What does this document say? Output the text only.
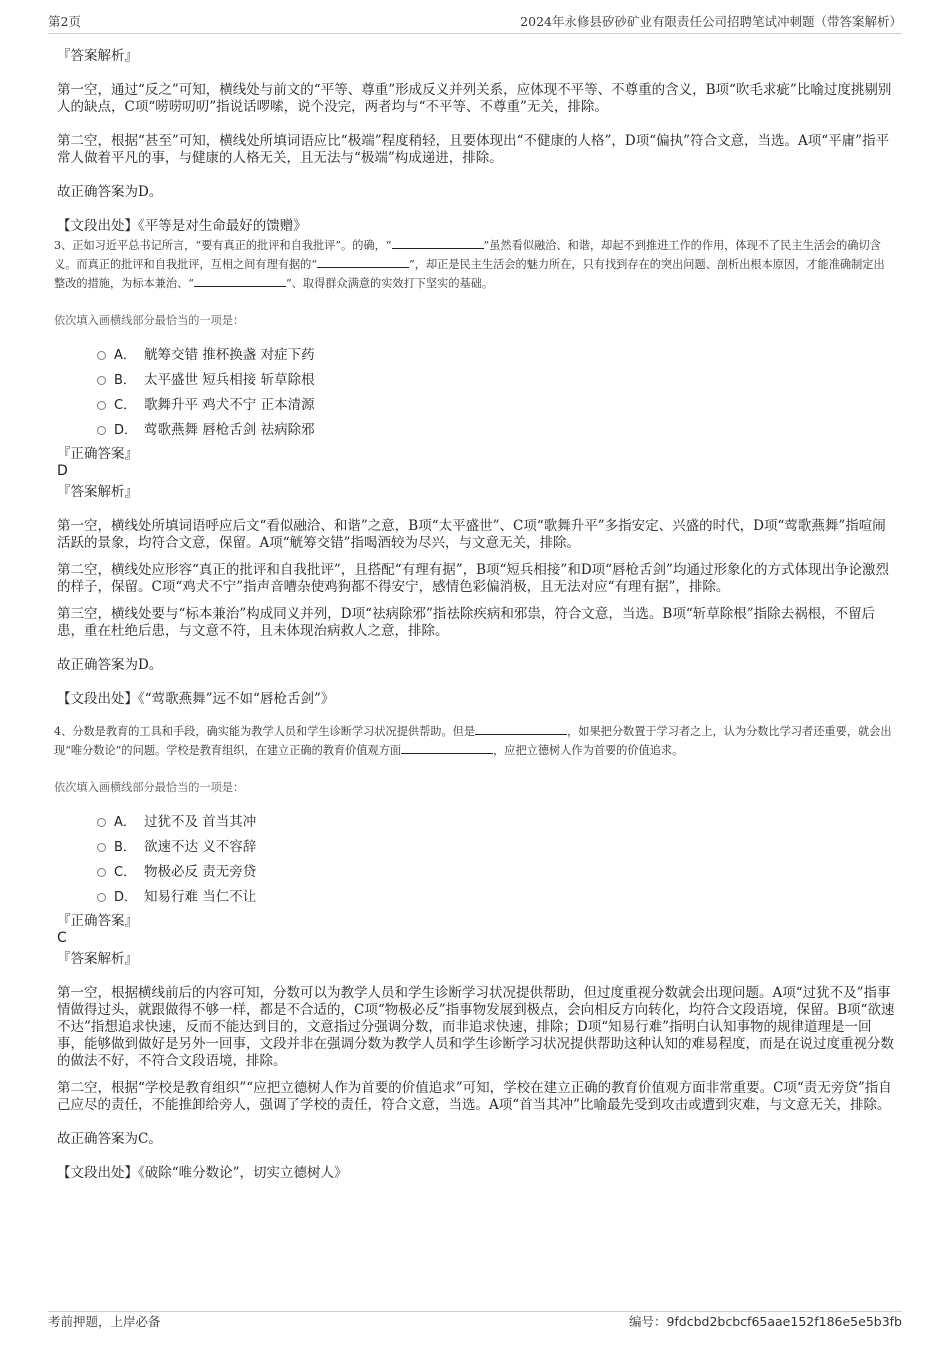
第2页	2024年永修县矽砂矿业有限责任公司招聘笔试冲刺题（带答案解析）

『答案解析』

第一空，通过“反之”可知，横线处与前文的“平等、尊重”形成反义并列关系，应体现不平等、不尊重的含义，B项“吹毛求疵”比喻过度挑剔别人的缺点，C项“唠唠叨叨”指说话啰嗦，说个没完，两者均与“不平等、不尊重”无关，排除。

第二空，根据“甚至”可知，横线处所填词语应比“极端”程度稍轻，且要体现出“不健康的人格”，D项“偏执”符合文意，当选。A项“平庸”指平常人做着平凡的事，与健康的人格无关，且无法与“极端”构成递进，排除。

故正确答案为D。

【文段出处】《平等是对生命最好的馈赠》

3、正如习近平总书记所言，“要有真正的批评和自我批评”。的确，“	”虽然看似融洽、和谐，却起不到推进工作的作用，体现不了民主生活会的确切含义。而真正的批评和自我批评，互相之间有理有据的“	”，却正是民主生活会的魅力所在，只有找到存在的突出问题、剖析出根本原因，才能准确制定出整改的措施，为标本兼治、“	”、取得群众满意的实效打下坚实的基础。

依次填入画横线部分最恰当的一项是：

A． 觥筹交错 推杯换盏 对症下药
B． 太平盛世 短兵相接 斩草除根
C． 歌舞升平 鸡犬不宁 正本清源
D． 莺歌燕舞 唇枪舌剑 祛病除邪

『正确答案』

D

『答案解析』

第一空，横线处所填词语呼应后文“看似融洽、和谐”之意，B项“太平盛世”、C项“歌舞升平”多指安定、兴盛的时代，D项“莺歌燕舞”指喧闹活跃的景象，均符合文意，保留。A项“觥筹交错”指喝酒较为尽兴，与文意无关，排除。

第二空，横线处应形容“真正的批评和自我批评”，且搭配“有理有据”，B项“短兵相接”和D项“唇枪舌剑”均通过形象化的方式体现出争论激烈的样子，保留。C项“鸡犬不宁”指声音嘈杂使鸡狗都不得安宁，感情色彩偏消极，且无法对应“有理有据”，排除。

第三空，横线处要与“标本兼治”构成同义并列，D项“祛病除邪”指祛除疾病和邪祟，符合文意，当选。B项“斩草除根”指除去祸根，不留后患，重在杜绝后患，与文意不符，且未体现治病救人之意，排除。

故正确答案为D。

【文段出处】《“莺歌燕舞”远不如“唇枪舌剑”》

4、分数是教育的工具和手段，确实能为教学人员和学生诊断学习状况提供帮助。但是	，如果把分数置于学习者之上，认为分数比学习者还重要，就会出现“唯分数论”的问题。学校是教育组织，在建立正确的教育价值观方面	，应把立德树人作为首要的价值追求。

依次填入画横线部分最恰当的一项是：

A． 过犹不及 首当其冲
B． 欲速不达 义不容辞
C． 物极必反 责无旁贷
D． 知易行难 当仁不让

『正确答案』

C

『答案解析』

第一空，根据横线前后的内容可知，分数可以为教学人员和学生诊断学习状况提供帮助，但过度重视分数就会出现问题。A项“过犹不及”指事情做得过头，就跟做得不够一样，都是不合适的，C项“物极必反”指事物发展到极点，会向相反方向转化，均符合文段语境，保留。B项“欲速不达”指想追求快速，反而不能达到目的，文意指过分强调分数，而非追求快速，排除；D项“知易行难”指明白认知事物的规律道理是一回事，能够做到做好是另外一回事，文段并非在强调分数为教学人员和学生诊断学习状况提供帮助这种认知的难易程度，而是在说过度重视分数的做法不好，不符合文段语境，排除。

第二空，根据“学校是教育组织”“应把立德树人作为首要的价值追求”可知，学校在建立正确的教育价值观方面非常重要。C项“责无旁贷”指自己应尽的责任，不能推卸给旁人，强调了学校的责任，符合文意，当选。A项“首当其冲”比喻最先受到攻击或遭到灾难，与文意无关，排除。

故正确答案为C。

【文段出处】《破除“唯分数论”，切实立德树人》

考前押题，上岸必备	编号：9fdcbd2bcbcf65aae152f186e5e5b3fb
